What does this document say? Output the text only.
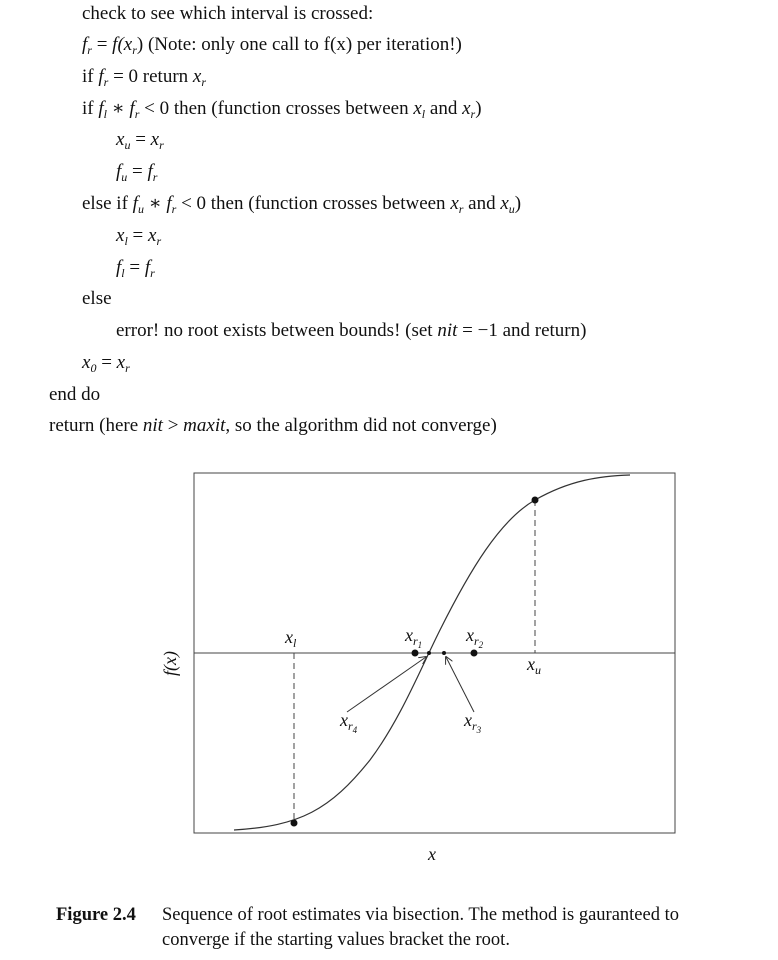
check to see which interval is crossed:
$f_r = f(x_r)$ (Note: only one call to f(x) per iteration!)
if $f_r = 0$ return $x_r$
if $f_l$ ∗ $f_r < 0$ then (function crosses between $x_l$ and $x_r$)
$x_u = x_r$
$f_u = f_r$
else if $f_u$ ∗ $f_r < 0$ then (function crosses between $x_r$ and $x_u$)
$x_l = x_r$
$f_l = f_r$
else
error! no root exists between bounds! (set nit = −1 and return)
$x_0 = x_r$
end do
return (here nit > maxit, so the algorithm did not converge)
$x_l$
$x_u$
$x_r1$ $x_r2$
$x_r3$
$x_r4$
x
f(x)
Figure 2.4 Sequence of root estimates via bisection. The method is gauranteed to
converge if the starting values bracket the root.
